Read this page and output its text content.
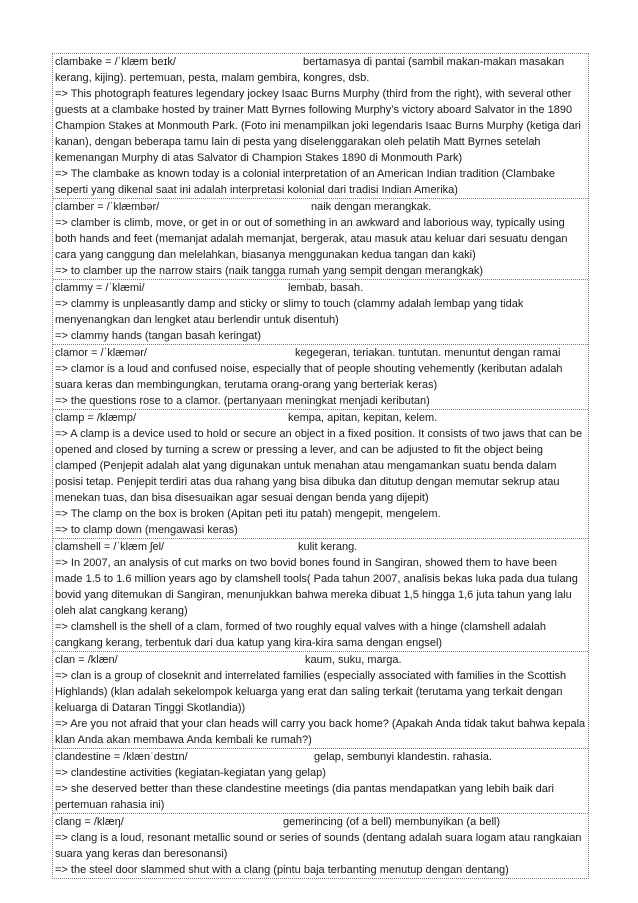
clambake = /ˈklæm beɪk/	bertamasya di pantai (sambil makan-makan masakan

kerang, kijing). pertemuan, pesta, malam gembira, kongres, dsb.

=> This photograph features legendary jockey Isaac Burns Murphy (third from the right), with several other guests at a clambake hosted by trainer Matt Byrnes following Murphy’s victory aboard Salvator in the 1890 Champion Stakes at Monmouth Park. (Foto ini menampilkan joki legendaris Isaac Burns Murphy (ketiga dari kanan), dengan beberapa tamu lain di pesta yang diselenggarakan oleh pelatih Matt Byrnes setelah kemenangan Murphy di atas Salvator di Champion Stakes 1890 di Monmouth Park)

=> The clambake as known today is a colonial interpretation of an American Indian tradition (Clambake seperti yang dikenal saat ini adalah interpretasi kolonial dari tradisi Indian Amerika)

clamber = /ˈklæmbər/	naik dengan merangkak.

=> clamber is climb, move, or get in or out of something in an awkward and laborious way, typically using both hands and feet (memanjat adalah memanjat, bergerak, atau masuk atau keluar dari sesuatu dengan cara yang canggung dan melelahkan, biasanya menggunakan kedua tangan dan kaki)

=> to clamber up the narrow stairs (naik tangga rumah yang sempit dengan merangkak)

clammy = /ˈklæmi/	lembab, basah.

=> clammy is unpleasantly damp and sticky or slimy to touch (clammy adalah lembap yang tidak menyenangkan dan lengket atau berlendir untuk disentuh)

=> clammy hands (tangan basah keringat)

clamor = /ˈklæmər/	kegegeran, teriakan. tuntutan. menuntut dengan ramai

=> clamor is a loud and confused noise, especially that of people shouting vehemently (keributan adalah suara keras dan membingungkan, terutama orang-orang yang berteriak keras)

=> the questions rose to a clamor. (pertanyaan meningkat menjadi keributan)

clamp = /klæmp/	kempa, apitan, kepitan, kelem.

=> A clamp is a device used to hold or secure an object in a fixed position. It consists of two jaws that can be opened and closed by turning a screw or pressing a lever, and can be adjusted to fit the object being clamped (Penjepit adalah alat yang digunakan untuk menahan atau mengamankan suatu benda dalam posisi tetap. Penjepit terdiri atas dua rahang yang bisa dibuka dan ditutup dengan memutar sekrup atau menekan tuas, dan bisa disesuaikan agar sesuai dengan benda yang dijepit)

=> The clamp on the box is broken (Apitan peti itu patah) mengepit, mengelem.

=> to clamp down (mengawasi keras)

clamshell = /ˈklæm ʃel/	kulit kerang.

=> In 2007, an analysis of cut marks on two bovid bones found in Sangiran, showed them to have been made 1.5 to 1.6 million years ago by clamshell tools( Pada tahun 2007, analisis bekas luka pada dua tulang bovid yang ditemukan di Sangiran, menunjukkan bahwa mereka dibuat 1,5 hingga 1,6 juta tahun yang lalu oleh alat cangkang kerang)

=> clamshell is the shell of a clam, formed of two roughly equal valves with a hinge (clamshell adalah cangkang kerang, terbentuk dari dua katup yang kira-kira sama dengan engsel)

clan = /klæn/	kaum, suku, marga.

=> clan is a group of closeknit and interrelated families (especially associated with families in the Scottish Highlands) (klan adalah sekelompok keluarga yang erat dan saling terkait (terutama yang terkait dengan keluarga di Dataran Tinggi Skotlandia))

=> Are you not afraid that your clan heads will carry you back home? (Apakah Anda tidak takut bahwa kepala klan Anda akan membawa Anda kembali ke rumah?)

clandestine = /klænˈdestɪn/	gelap, sembunyi klandestin. rahasia.

=> clandestine activities (kegiatan-kegiatan yang gelap)

=> she deserved better than these clandestine meetings (dia pantas mendapatkan yang lebih baik dari pertemuan rahasia ini)

clang = /klæŋ/	gemerincing (of a bell) membunyikan (a bell)

=> clang is a loud, resonant metallic sound or series of sounds (dentang adalah suara logam atau rangkaian suara yang keras dan beresonansi)

=> the steel door slammed shut with a clang (pintu baja terbanting menutup dengan dentang)
